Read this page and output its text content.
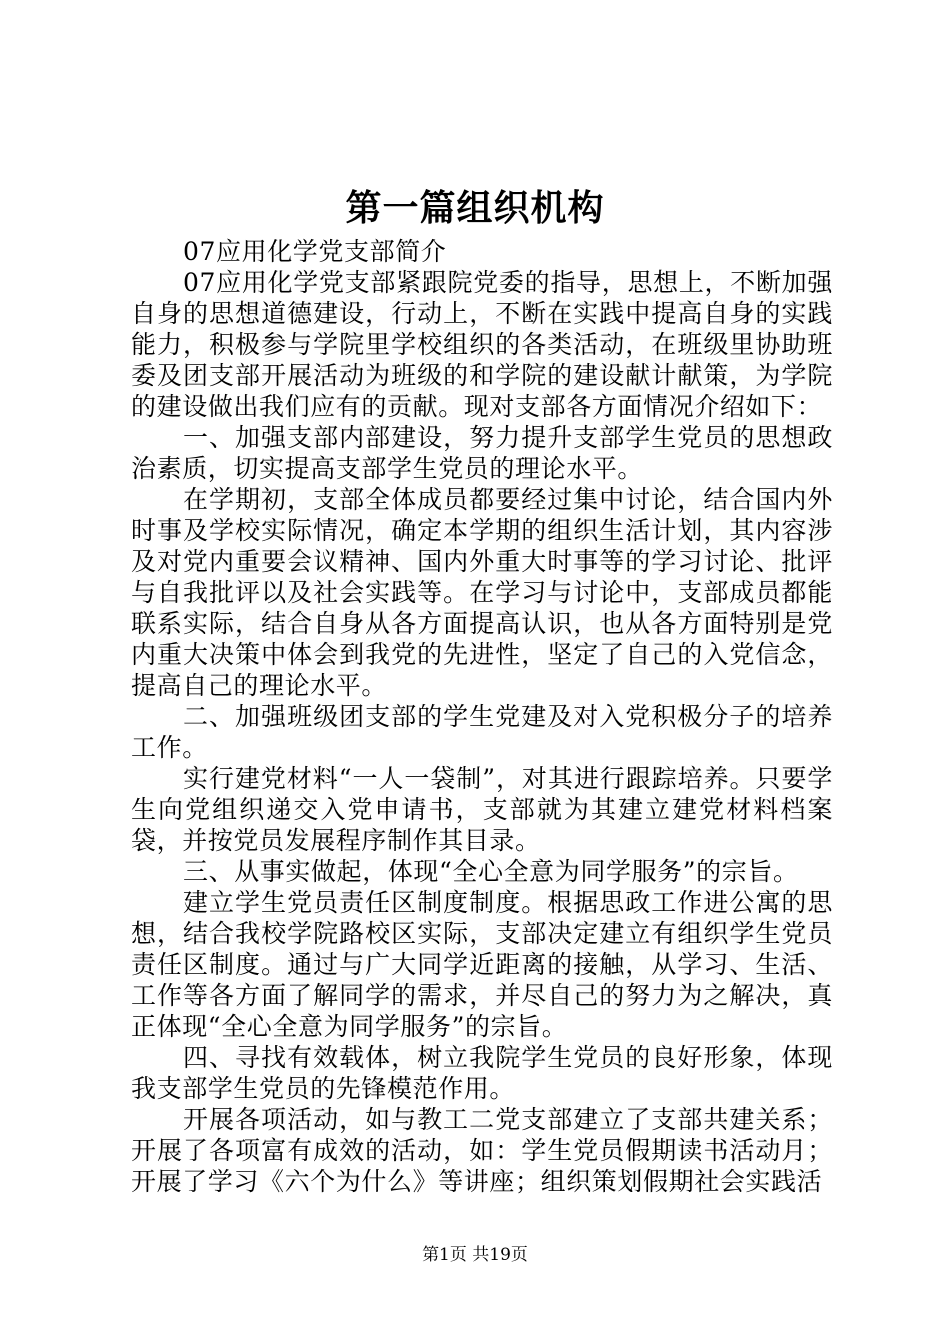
第一篇组织机构

07应用化学党支部简介

07应用化学党支部紧跟院党委的指导，思想上，不断加强自身的思想道德建设，行动上，不断在实践中提高自身的实践能力，积极参与学院里学校组织的各类活动，在班级里协助班委及团支部开展活动为班级的和学院的建设献计献策，为学院的建设做出我们应有的贡献。现对支部各方面情况介绍如下：

一、加强支部内部建设，努力提升支部学生党员的思想政治素质，切实提高支部学生党员的理论水平。

在学期初，支部全体成员都要经过集中讨论，结合国内外时事及学校实际情况，确定本学期的组织生活计划，其内容涉及对党内重要会议精神、国内外重大时事等的学习讨论、批评与自我批评以及社会实践等。在学习与讨论中，支部成员都能联系实际，结合自身从各方面提高认识，也从各方面特别是党内重大决策中体会到我党的先进性，坚定了自己的入党信念，提高自己的理论水平。

二、加强班级团支部的学生党建及对入党积极分子的培养工作。

实行建党材料“一人一袋制”，对其进行跟踪培养。只要学生向党组织递交入党申请书，支部就为其建立建党材料档案袋，并按党员发展程序制作其目录。

三、从事实做起，体现“全心全意为同学服务”的宗旨。

建立学生党员责任区制度制度。根据思政工作进公寓的思想，结合我校学院路校区实际，支部决定建立有组织学生党员责任区制度。通过与广大同学近距离的接触，从学习、生活、工作等各方面了解同学的需求，并尽自己的努力为之解决，真正体现“全心全意为同学服务”的宗旨。

四、寻找有效载体，树立我院学生党员的良好形象，体现我支部学生党员的先锋模范作用。

开展各项活动，如与教工二党支部建立了支部共建关系；开展了各项富有成效的活动，如：学生党员假期读书活动月；开展了学习《六个为什么》等讲座；组织策划假期社会实践活

第1页 共19页
